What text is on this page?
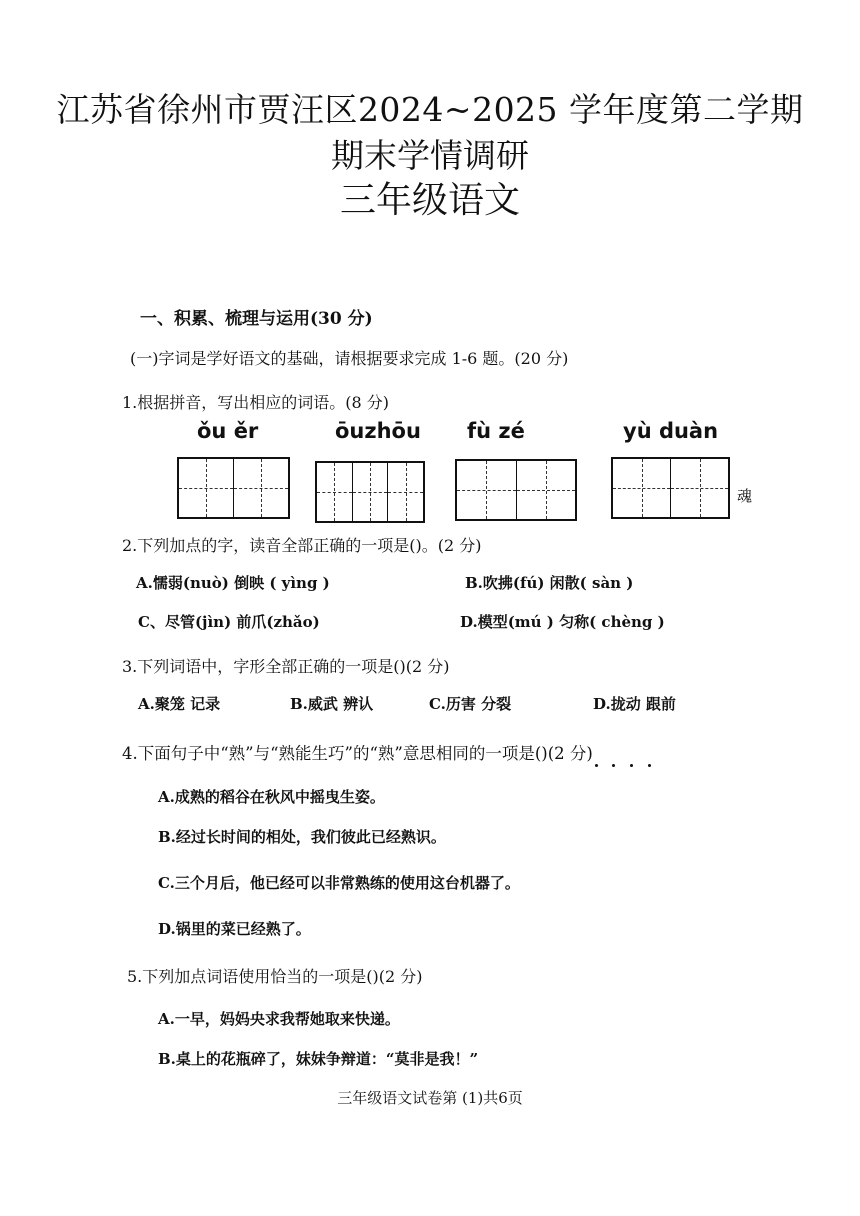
江苏省徐州市贾汪区2024~2025 学年度第二学期
期末学情调研
三年级语文
一、积累、梳理与运用(30 分)
(一)字词是学好语文的基础，请根据要求完成 1-6 题。(20 分)
1.根据拼音，写出相应的词语。(8 分)
ǒu ěr	ōuzhōu fù zé	yù duàn
魂
2.下列加点的字，读音全部正确的一项是()。(2 分)
A.懦弱(nuò) 倒映 ( yìng )	B.吹拂(fú) 闲散( sàn )
C、尽管(jìn) 前爪(zhǎo)	D.模型(mú ) 匀称( chèng )
3.下列词语中，字形全部正确的一项是()(2 分)
A.聚笼 记录	B.威武 辨认	C.历害 分裂	D.拢动 跟前
4.下面句子中“熟”与“熟能生巧”的“熟”意思相同的一项是()(2 分)
A.成熟的稻谷在秋风中摇曳生姿。
B.经过长时间的相处，我们彼此已经熟识。
C.三个月后，他已经可以非常熟练的使用这台机器了。
D.锅里的菜已经熟了。
5.下列加点词语使用恰当的一项是()(2 分)
A.一早，妈妈央求我帮她取来快递。
B.桌上的花瓶碎了，妹妹争辩道：“莫非是我！”
三年级语文试卷第 (1)共6页
